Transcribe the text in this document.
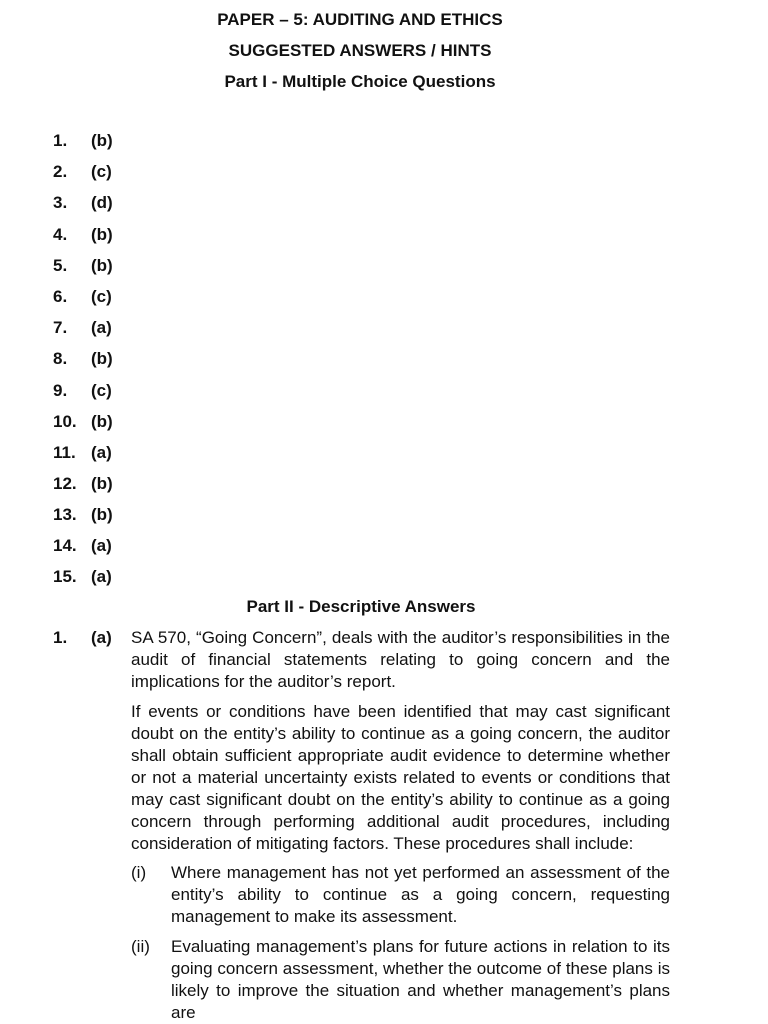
PAPER – 5: AUDITING AND ETHICS
SUGGESTED ANSWERS / HINTS
Part I - Multiple Choice Questions
1.	(b)
2.	(c)
3.	(d)
4.	(b)
5.	(b)
6.	(c)
7.	(a)
8.	(b)
9.	(c)
10. (b)
11. (a)
12. (b)
13. (b)
14. (a)
15. (a)
Part II - Descriptive Answers
1. (a) SA 570, “Going Concern”, deals with the auditor’s responsibilities in the audit of financial statements relating to going concern and the implications for the auditor’s report.
If events or conditions have been identified that may cast significant doubt on the entity’s ability to continue as a going concern, the auditor shall obtain sufficient appropriate audit evidence to determine whether or not a material uncertainty exists related to events or conditions that may cast significant doubt on the entity’s ability to continue as a going concern through performing additional audit procedures, including consideration of mitigating factors. These procedures shall include:
(i) Where management has not yet performed an assessment of the entity’s ability to continue as a going concern, requesting management to make its assessment.
(ii) Evaluating management’s plans for future actions in relation to its going concern assessment, whether the outcome of these plans is likely to improve the situation and whether management’s plans are
